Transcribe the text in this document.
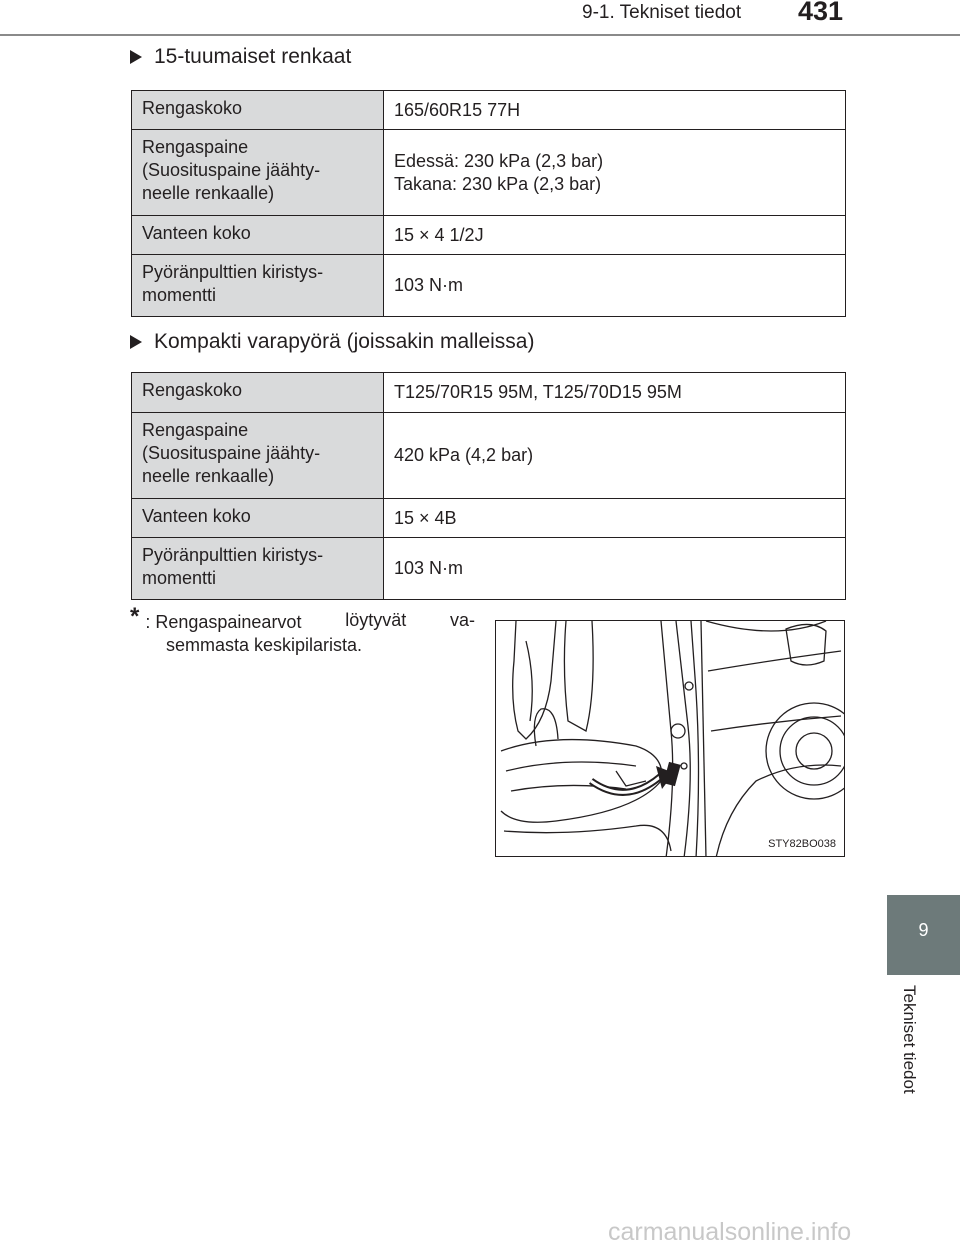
9-1. Tekniset tiedot 431
15-tuumaiset renkaat
Rengaskoko	165/60R15 77H
Rengaspaine
(Suosituspaine jäähty-
neelle renkaalle)	Edessä: 230 kPa (2,3 bar)
Takana: 230 kPa (2,3 bar)
Vanteen koko	15 × 4 1/2J
Pyöränpulttien kiristys-
momentti	103 N·m
Kompakti varapyörä (joissakin malleissa)
Rengaskoko	T125/70R15 95M, T125/70D15 95M
Rengaspaine
(Suosituspaine jäähty-
neelle renkaalle)	420 kPa (4,2 bar)
Vanteen koko	15 × 4B
Pyöränpulttien kiristys-
momentti	103 N·m
* : Rengaspainearvot löytyvät va-
semmasta keskipilarista.
STY82BO038
9
Tekniset tiedot
carmanualsonline.info
